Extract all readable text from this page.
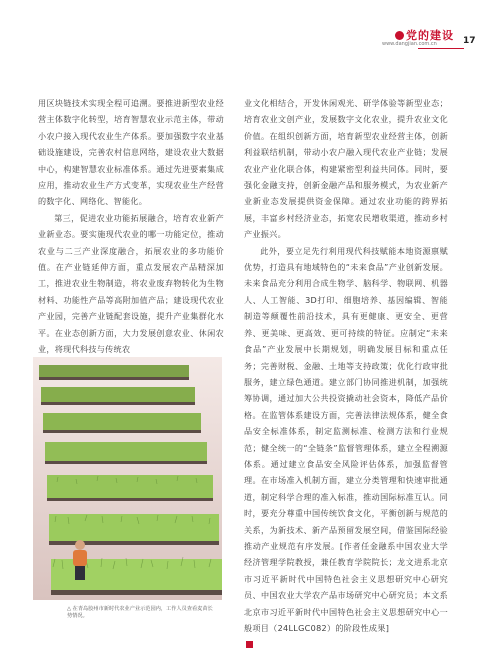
党的建设
www.dangjian.com.cn	17

用区块链技术实现全程可追溯。要推进新型农业经营主体数字化转型，培育智慧农业示范主体，带动小农户接入现代农业生产体系。要加强数字农业基础设施建设，完善农村信息网络，建设农业大数据中心，构建智慧农业标准体系。通过先进要素集成应用，推动农业生产方式变革，实现农业生产经营的数字化、网络化、智能化。

第三，促进农业功能拓展融合，培育农业新产业新业态。要实施现代农业的哪一功能定位，推动农业与二三产业深度融合，拓展农业的多功能价值。在产业链延伸方面，重点发展农产品精深加工，推进农业生物制造，将农业废弃物转化为生物材料、功能性产品等高附加值产品；建设现代农业产业园，完善产业链配套设施，提升产业集群化水平。在业态创新方面，大力发展创意农业、休闲农业，将现代科技与传统农

业文化相结合，开发休闲观光、研学体验等新型业态；培育农业文创产业，发展数字文化农业，提升农业文化价值。在组织创新方面，培育新型农业经营主体，创新利益联结机制，带动小农户融入现代农业产业链；发展农业产业化联合体，构建紧密型利益共同体。同时，要强化金融支持，创新金融产品和服务模式，为农业新产业新业态发展提供资金保障。通过农业功能的跨界拓展，丰富乡村经济业态，拓宽农民增收渠道，推动乡村产业振兴。

此外，要立足先行利用现代科技赋能本地资源禀赋优势，打造具有地域特色的“未来食品”产业创新发展。未来食品充分利用合成生物学、脑科学、物联网、机器人、人工智能、3D打印、细胞培养、基因编辑、智能制造等颠覆性前沿技术，具有更健康、更安全、更营养、更美味、更高效、更可持续的特征。应制定“未来食品”产业发展中长期规划，明确发展目标和重点任务；完善财税、金融、土地等支持政策；优化行政审批服务，建立绿色通道。建立部门协同推进机制，加强统筹协调，通过加大公共投资撬动社会资本，降低产品价格。在监管体系建设方面，完善法律法规体系，健全食品安全标准体系，制定监测标准、检测方法和行业规范；健全统一的“全链条”监督管理体系，建立全程溯源体系。通过建立食品安全风险评估体系，加强监督管理。在市场准入机制方面，建立分类管理和快速审批通道，制定科学合理的准入标准，推动国际标准互认。同时，要充分尊重中国传统饮食文化，平衡创新与规范的关系，为新技术、新产品预留发展空间，借鉴国际经验推动产业规范有序发展。[作者任金融系中国农业大学经济管理学院教授，兼任教育学院院长；龙文进系北京市习近平新时代中国特色社会主义思想研究中心研究员、中国农业大学农产品市场研究中心研究员；本文系北京市习近平新时代中国特色社会主义思想研究中心一般项目（24LLGC082）的阶段性成果]

△ 在青岛胶州市新时代农业产业示范园内，工作人员查看麦苗长势情况。
